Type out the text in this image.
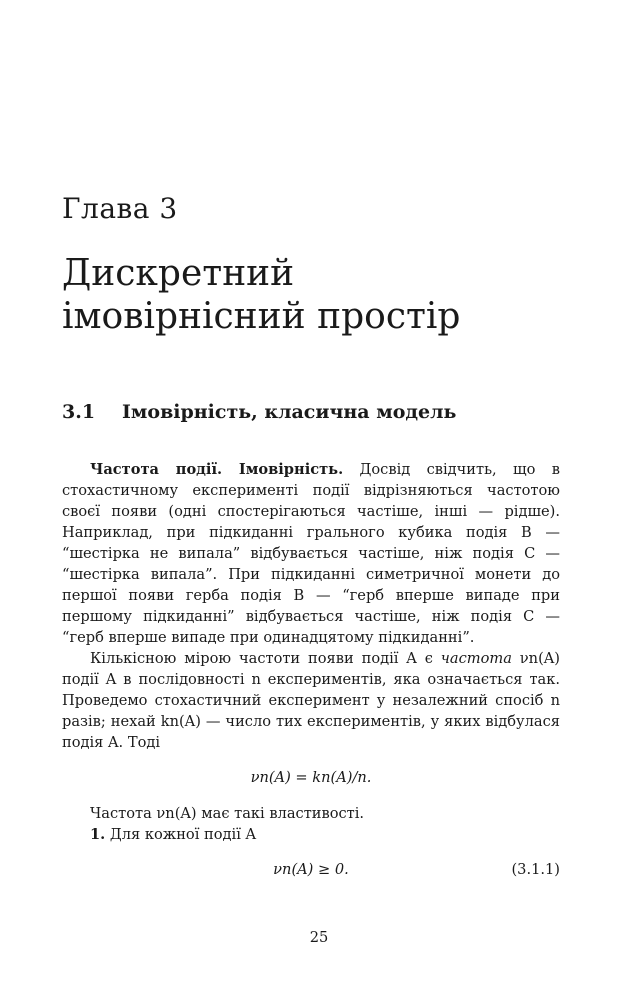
Глава 3
Дискретний
імовірнісний простір
3.1 Імовірність, класична модель

Частота події. Імовірність. Досвід свідчить, що в стохастичному експерименті події відрізняються частотою своєї появи (одні спостерігаються частіше, інші — рідше). Наприклад, при підкиданні грального кубика подія B — “шестірка не випала” відбувається частіше, ніж подія C — “шестірка випала”. При підкиданні симетричної монети до першої появи герба подія B — “герб вперше випаде при першому підкиданні” відбувається частіше, ніж подія C — “герб вперше випаде при одинадцятому підкиданні”.

Кількісною мірою частоти появи події A є частота νn(A) події A в послідовності n експериментів, яка означається так. Проведемо стохастичний експеримент у незалежний спосіб n разів; нехай kn(A) — число тих експериментів, у яких відбулася подія A. Тоді

νn(A) = kn(A)/n.

Частота νn(A) має такі властивості.

1. Для кожної події A

νn(A) ≥ 0.	(3.1.1)
25
